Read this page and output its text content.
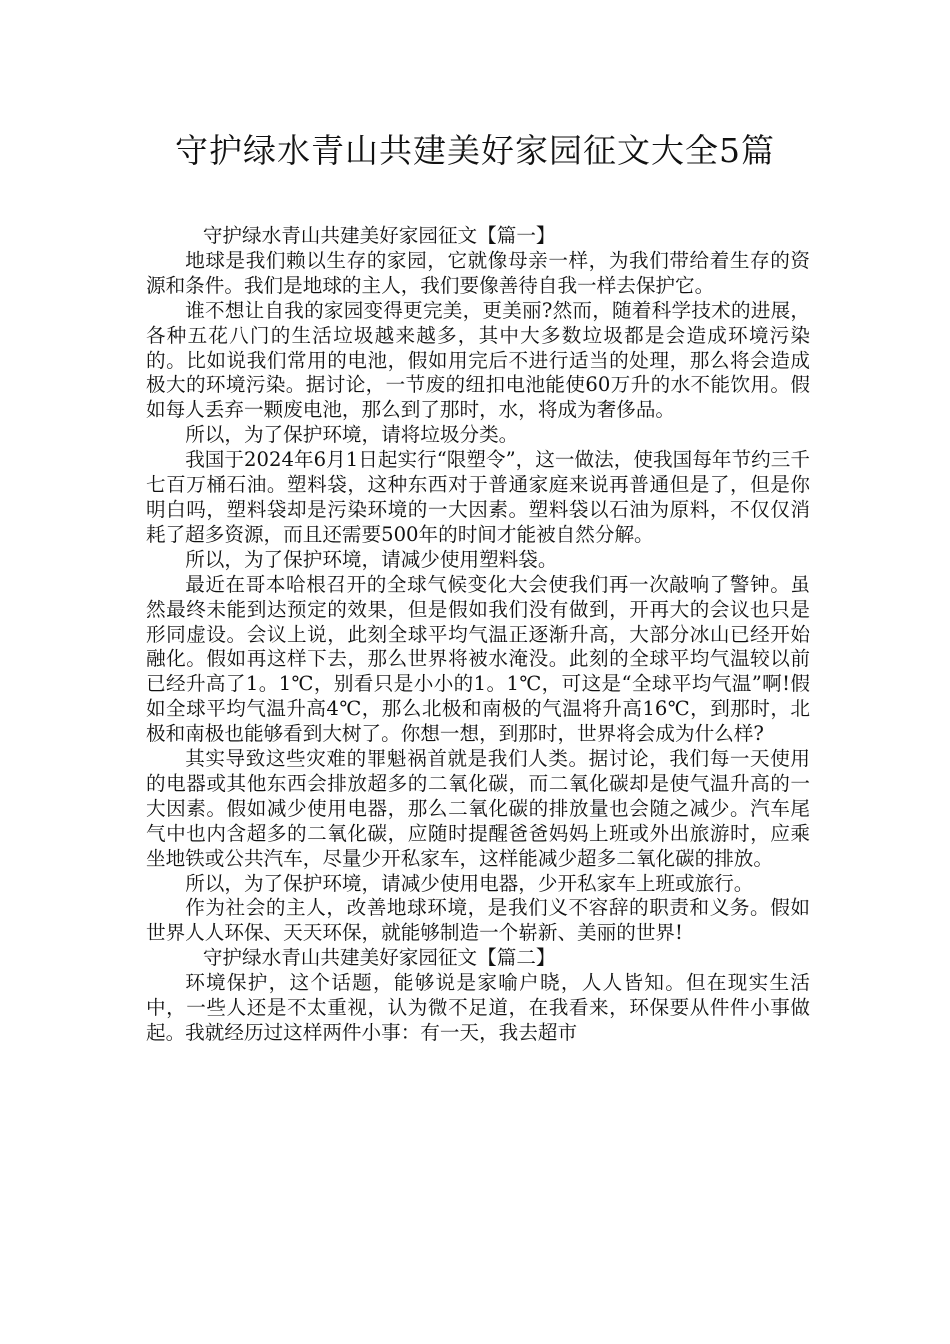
守护绿水青山共建美好家园征文大全5篇

守护绿水青山共建美好家园征文【篇一】

地球是我们赖以生存的家园，它就像母亲一样，为我们带给着生存的资源和条件。我们是地球的主人，我们要像善待自我一样去保护它。

谁不想让自我的家园变得更完美，更美丽?然而，随着科学技术的进展，各种五花八门的生活垃圾越来越多，其中大多数垃圾都是会造成环境污染的。比如说我们常用的电池，假如用完后不进行适当的处理，那么将会造成极大的环境污染。据讨论，一节废的纽扣电池能使60万升的水不能饮用。假如每人丢弃一颗废电池，那么到了那时，水，将成为奢侈品。

所以，为了保护环境，请将垃圾分类。

我国于2024年6月1日起实行“限塑令”，这一做法，使我国每年节约三千七百万桶石油。塑料袋，这种东西对于普通家庭来说再普通但是了，但是你明白吗，塑料袋却是污染环境的一大因素。塑料袋以石油为原料，不仅仅消耗了超多资源，而且还需要500年的时间才能被自然分解。

所以，为了保护环境，请减少使用塑料袋。

最近在哥本哈根召开的全球气候变化大会使我们再一次敲响了警钟。虽然最终未能到达预定的效果，但是假如我们没有做到，开再大的会议也只是形同虚设。会议上说，此刻全球平均气温正逐渐升高，大部分冰山已经开始融化。假如再这样下去，那么世界将被水淹没。此刻的全球平均气温较以前已经升高了1。1℃，别看只是小小的1。1℃，可这是“全球平均气温”啊!假如全球平均气温升高4℃，那么北极和南极的气温将升高16℃，到那时，北极和南极也能够看到大树了。你想一想，到那时，世界将会成为什么样?

其实导致这些灾难的罪魁祸首就是我们人类。据讨论，我们每一天使用的电器或其他东西会排放超多的二氧化碳，而二氧化碳却是使气温升高的一大因素。假如减少使用电器，那么二氧化碳的排放量也会随之减少。汽车尾气中也内含超多的二氧化碳，应随时提醒爸爸妈妈上班或外出旅游时，应乘坐地铁或公共汽车，尽量少开私家车，这样能减少超多二氧化碳的排放。

所以，为了保护环境，请减少使用电器，少开私家车上班或旅行。

作为社会的主人，改善地球环境，是我们义不容辞的职责和义务。假如世界人人环保、天天环保，就能够制造一个崭新、美丽的世界!

守护绿水青山共建美好家园征文【篇二】

环境保护，这个话题，能够说是家喻户晓，人人皆知。但在现实生活中，一些人还是不太重视，认为微不足道，在我看来，环保要从件件小事做起。我就经历过这样两件小事：有一天，我去超市
